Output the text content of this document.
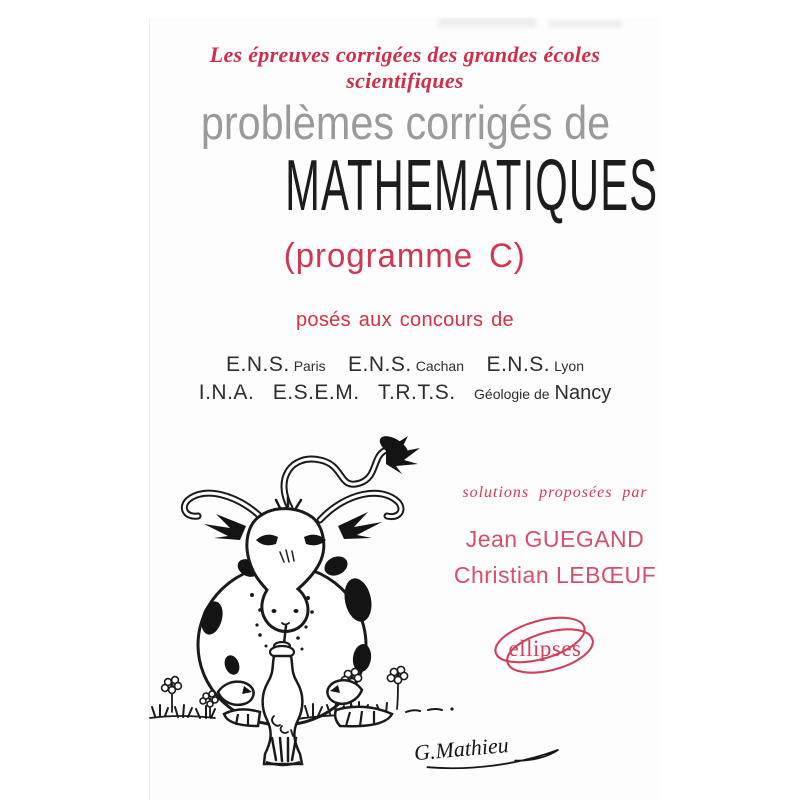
Les épreuves corrigées des grandes écoles scientifiques
problèmes corrigés de
MATHEMATIQUES
(programme C)
posés aux concours de
E.N.S. Paris E.N.S. Cachan E.N.S. Lyon
I.N.A. E.S.E.M. T.R.T.S. Géologie de Nancy
solutions proposées par
Jean GUEGAND
Christian LEBŒUF
ellipses
G.Mathieu
